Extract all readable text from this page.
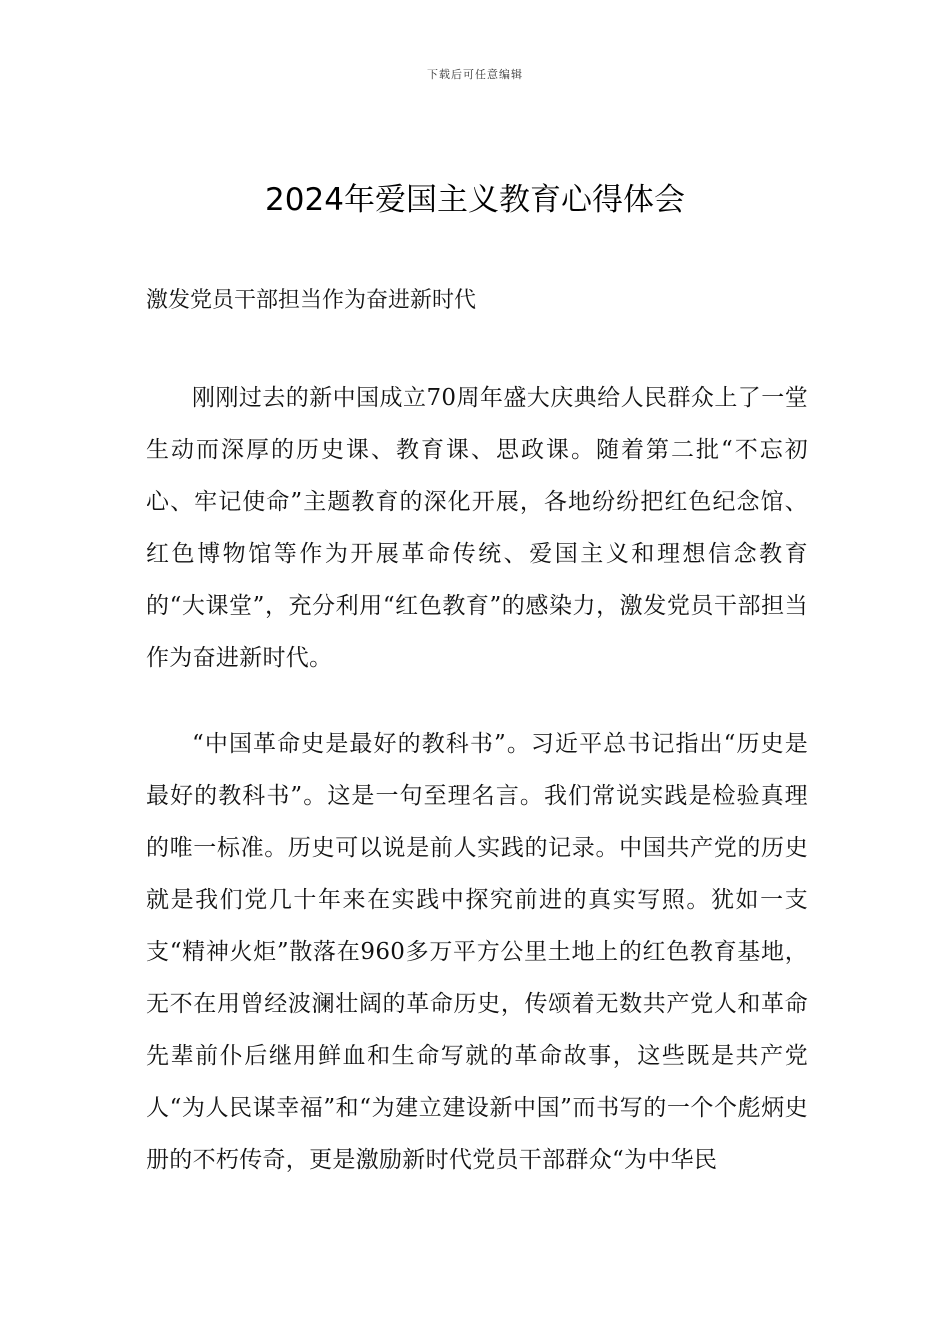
下载后可任意编辑
2024年爱国主义教育心得体会

激发党员干部担当作为奋进新时代

刚刚过去的新中国成立70周年盛大庆典给人民群众上了一堂生动而深厚的历史课、教育课、思政课。随着第二批“不忘初心、牢记使命”主题教育的深化开展，各地纷纷把红色纪念馆、红色博物馆等作为开展革命传统、爱国主义和理想信念教育的“大课堂”，充分利用“红色教育”的感染力，激发党员干部担当作为奋进新时代。

“中国革命史是最好的教科书”。习近平总书记指出“历史是最好的教科书”。这是一句至理名言。我们常说实践是检验真理的唯一标准。历史可以说是前人实践的记录。中国共产党的历史就是我们党几十年来在实践中探究前进的真实写照。犹如一支支“精神火炬”散落在960多万平方公里土地上的红色教育基地，无不在用曾经波澜壮阔的革命历史，传颂着无数共产党人和革命先辈前仆后继用鲜血和生命写就的革命故事，这些既是共产党人“为人民谋幸福”和“为建立建设新中国”而书写的一个个彪炳史册的不朽传奇，更是激励新时代党员干部群众“为中华民
